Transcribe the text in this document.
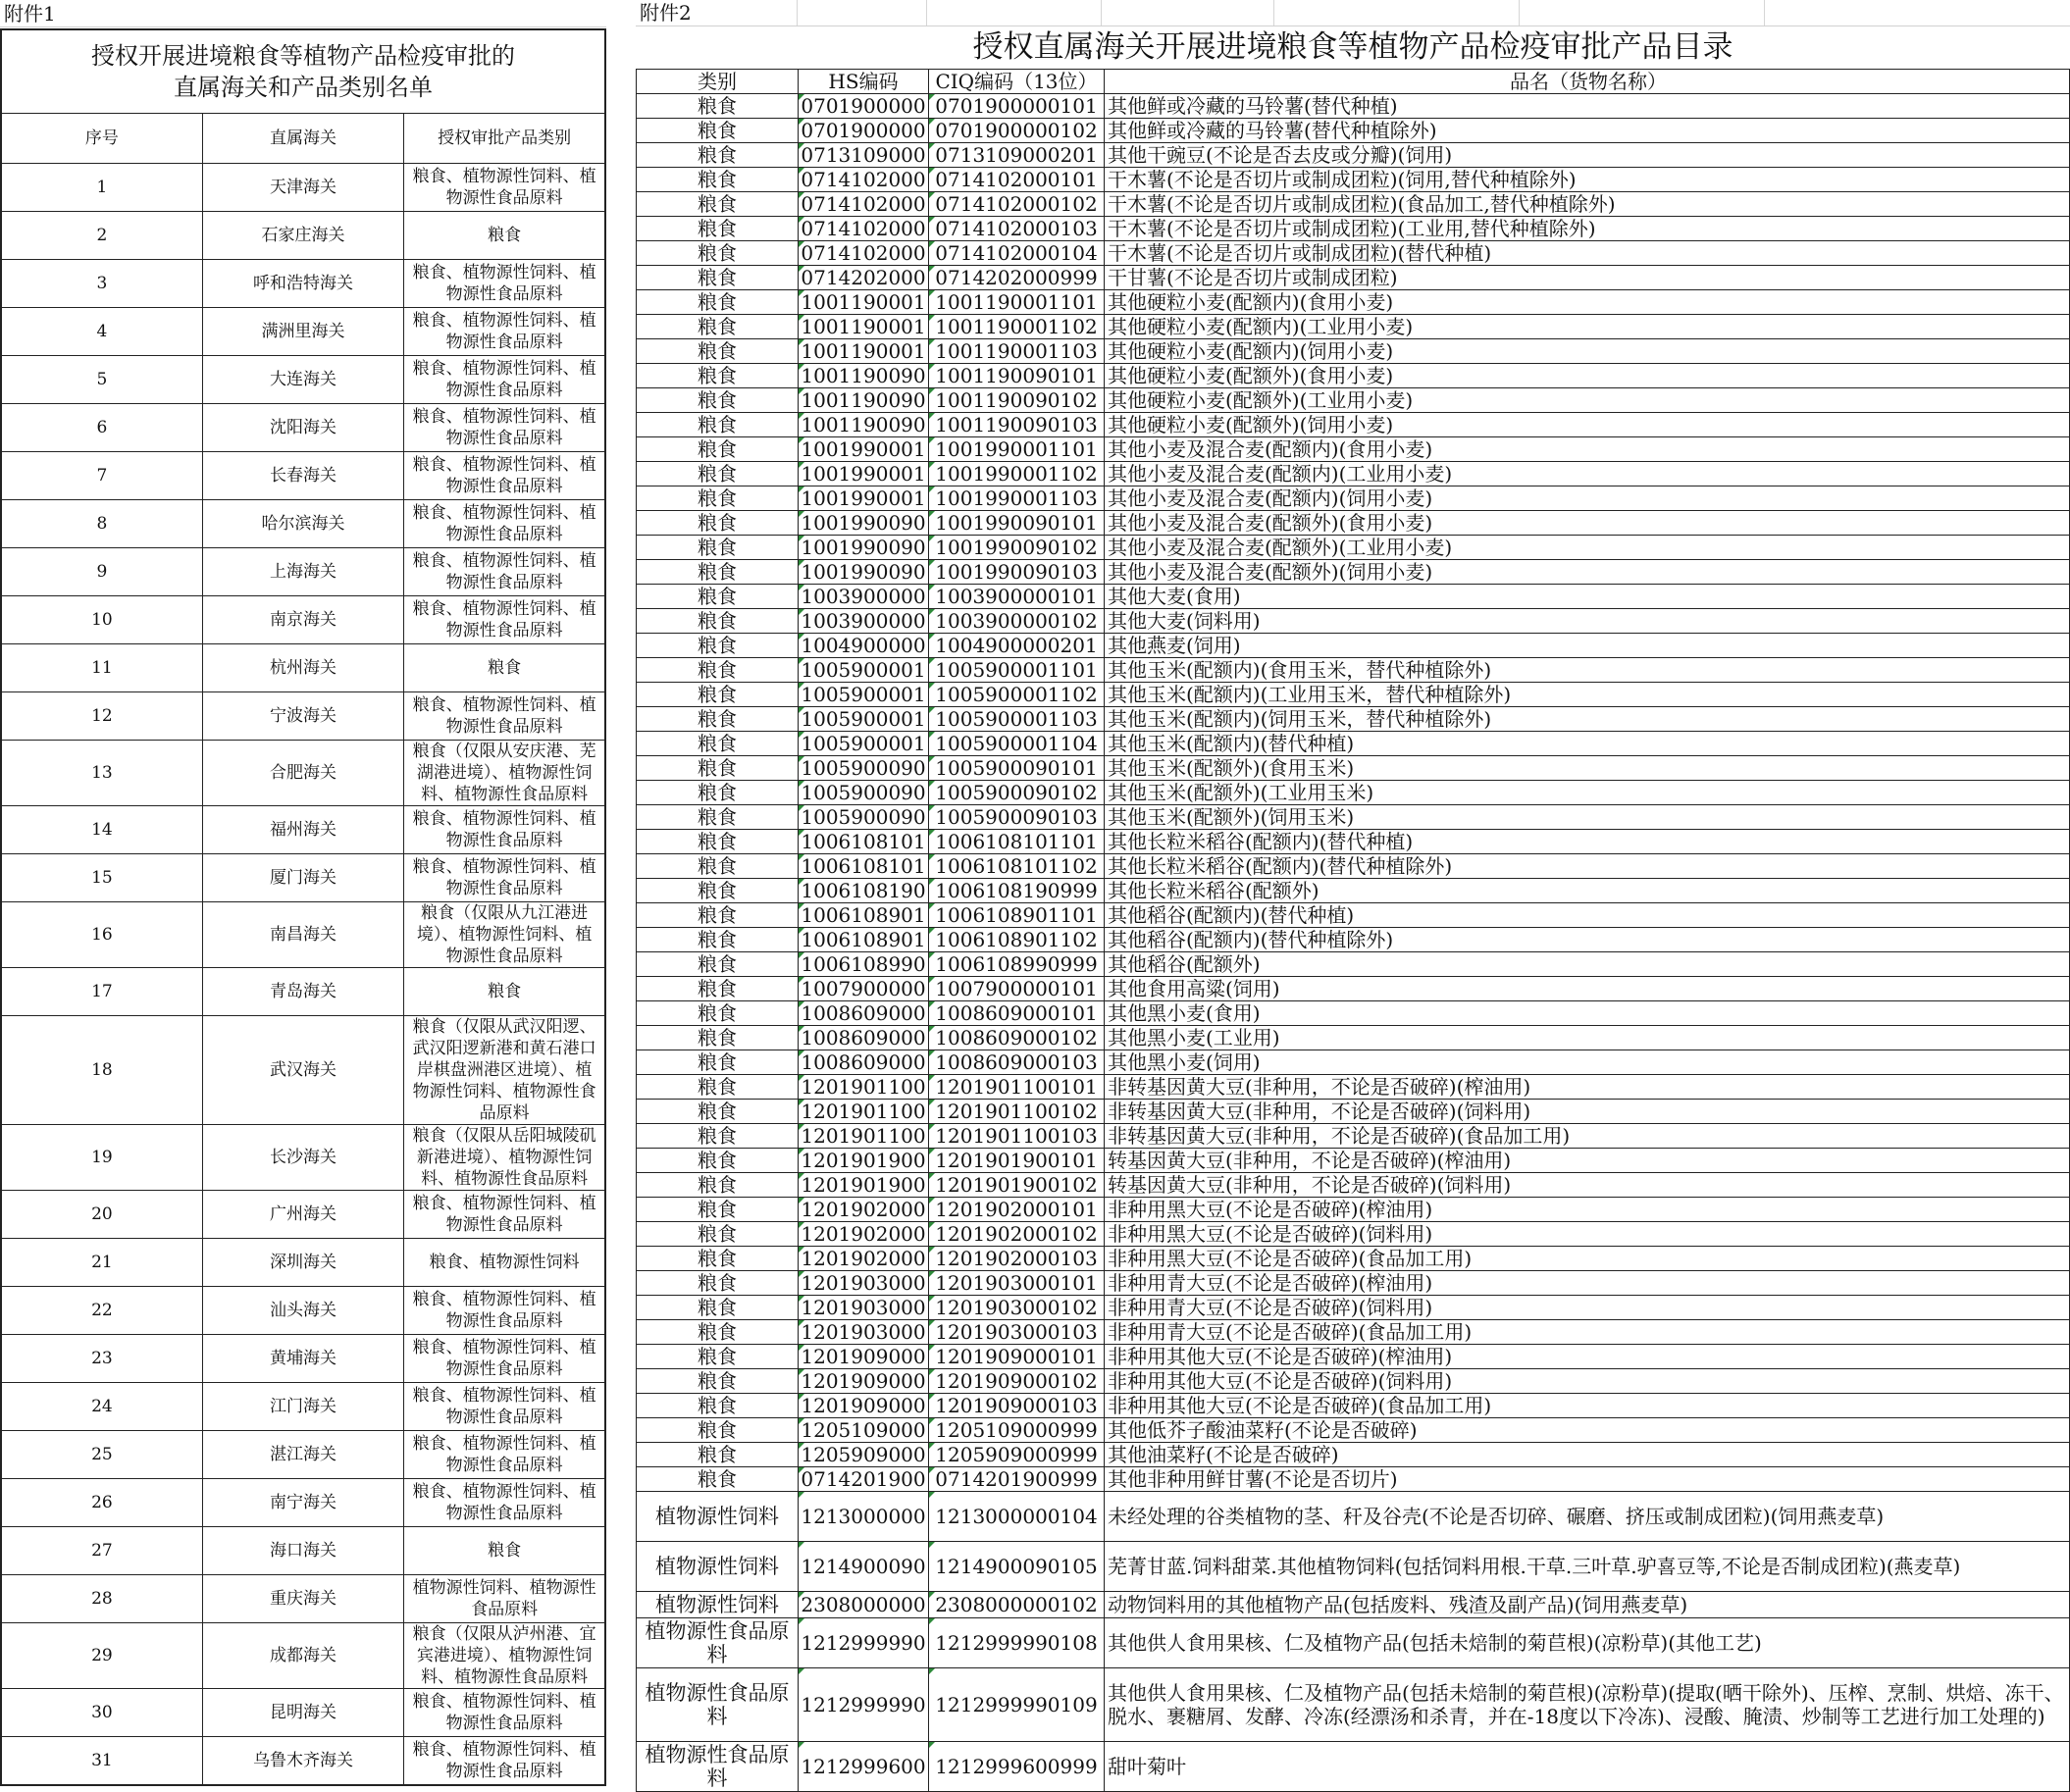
附件1
授权开展进境粮食等植物产品检疫审批的
直属海关和产品类别名单		

序号	直属海关	授权审批产品类别
1	天津海关	粮食、植物源性饲料、植物源性食品原料

2	石家庄海关	粮食

3	呼和浩特海关	粮食、植物源性饲料、植物源性食品原料

4	满洲里海关	粮食、植物源性饲料、植物源性食品原料

5	大连海关	粮食、植物源性饲料、植物源性食品原料

6	沈阳海关	粮食、植物源性饲料、植物源性食品原料

7	长春海关	粮食、植物源性饲料、植物源性食品原料

8	哈尔滨海关	粮食、植物源性饲料、植物源性食品原料

9	上海海关	粮食、植物源性饲料、植物源性食品原料

10	南京海关	粮食、植物源性饲料、植物源性食品原料

11	杭州海关	粮食

12	宁波海关	粮食、植物源性饲料、植物源性食品原料

13	合肥海关	粮食（仅限从安庆港、芜湖港进境）、植物源性饲料、植物源性食品原料

14	福州海关	粮食、植物源性饲料、植物源性食品原料

15	厦门海关	粮食、植物源性饲料、植物源性食品原料

16	南昌海关	粮食（仅限从九江港进境）、植物源性饲料、植物源性食品原料

17	青岛海关	粮食

18	武汉海关	粮食（仅限从武汉阳逻、武汉阳逻新港和黄石港口岸棋盘洲港区进境）、植物源性饲料、植物源性食品原料

19	长沙海关	粮食（仅限从岳阳城陵矶新港进境）、植物源性饲料、植物源性食品原料

20	广州海关	粮食、植物源性饲料、植物源性食品原料

21	深圳海关	粮食、植物源性饲料

22	汕头海关	粮食、植物源性饲料、植物源性食品原料

23	黄埔海关	粮食、植物源性饲料、植物源性食品原料

24	江门海关	粮食、植物源性饲料、植物源性食品原料

25	湛江海关	粮食、植物源性饲料、植物源性食品原料

26	南宁海关	粮食、植物源性饲料、植物源性食品原料

27	海口海关	粮食

28	重庆海关	植物源性饲料、植物源性食品原料

29	成都海关	粮食（仅限从泸州港、宜宾港进境）、植物源性饲料、植物源性食品原料

30	昆明海关	粮食、植物源性饲料、植物源性食品原料

31	乌鲁木齐海关	粮食、植物源性饲料、植物源性食品原料
附件2
授权直属海关开展进境粮食等植物产品检疫审批产品目录
类别	HS编码	CIQ编码（13位）	品名（货物名称）
粮食	0701900000	0701900000101	其他鲜或冷藏的马铃薯(替代种植)
粮食	0701900000	0701900000102	其他鲜或冷藏的马铃薯(替代种植除外)
粮食	0713109000	0713109000201	其他干豌豆(不论是否去皮或分瓣)(饲用)
粮食	0714102000	0714102000101	干木薯(不论是否切片或制成团粒)(饲用,替代种植除外)
粮食	0714102000	0714102000102	干木薯(不论是否切片或制成团粒)(食品加工,替代种植除外)
粮食	0714102000	0714102000103	干木薯(不论是否切片或制成团粒)(工业用,替代种植除外)
粮食	0714102000	0714102000104	干木薯(不论是否切片或制成团粒)(替代种植)
粮食	0714202000	0714202000999	干甘薯(不论是否切片或制成团粒)
粮食	1001190001	1001190001101	其他硬粒小麦(配额内)(食用小麦)
粮食	1001190001	1001190001102	其他硬粒小麦(配额内)(工业用小麦)
粮食	1001190001	1001190001103	其他硬粒小麦(配额内)(饲用小麦)
粮食	1001190090	1001190090101	其他硬粒小麦(配额外)(食用小麦)
粮食	1001190090	1001190090102	其他硬粒小麦(配额外)(工业用小麦)
粮食	1001190090	1001190090103	其他硬粒小麦(配额外)(饲用小麦)
粮食	1001990001	1001990001101	其他小麦及混合麦(配额内)(食用小麦)
粮食	1001990001	1001990001102	其他小麦及混合麦(配额内)(工业用小麦)
粮食	1001990001	1001990001103	其他小麦及混合麦(配额内)(饲用小麦)
粮食	1001990090	1001990090101	其他小麦及混合麦(配额外)(食用小麦)
粮食	1001990090	1001990090102	其他小麦及混合麦(配额外)(工业用小麦)
粮食	1001990090	1001990090103	其他小麦及混合麦(配额外)(饲用小麦)
粮食	1003900000	1003900000101	其他大麦(食用)
粮食	1003900000	1003900000102	其他大麦(饲料用)
粮食	1004900000	1004900000201	其他燕麦(饲用)
粮食	1005900001	1005900001101	其他玉米(配额内)(食用玉米，替代种植除外)
粮食	1005900001	1005900001102	其他玉米(配额内)(工业用玉米，替代种植除外)
粮食	1005900001	1005900001103	其他玉米(配额内)(饲用玉米，替代种植除外)
粮食	1005900001	1005900001104	其他玉米(配额内)(替代种植)
粮食	1005900090	1005900090101	其他玉米(配额外)(食用玉米)
粮食	1005900090	1005900090102	其他玉米(配额外)(工业用玉米)
粮食	1005900090	1005900090103	其他玉米(配额外)(饲用玉米)
粮食	1006108101	1006108101101	其他长粒米稻谷(配额内)(替代种植)
粮食	1006108101	1006108101102	其他长粒米稻谷(配额内)(替代种植除外)
粮食	1006108190	1006108190999	其他长粒米稻谷(配额外)
粮食	1006108901	1006108901101	其他稻谷(配额内)(替代种植)
粮食	1006108901	1006108901102	其他稻谷(配额内)(替代种植除外)
粮食	1006108990	1006108990999	其他稻谷(配额外)
粮食	1007900000	1007900000101	其他食用高粱(饲用)
粮食	1008609000	1008609000101	其他黑小麦(食用)
粮食	1008609000	1008609000102	其他黑小麦(工业用)
粮食	1008609000	1008609000103	其他黑小麦(饲用)
粮食	1201901100	1201901100101	非转基因黄大豆(非种用，不论是否破碎)(榨油用)
粮食	1201901100	1201901100102	非转基因黄大豆(非种用，不论是否破碎)(饲料用)
粮食	1201901100	1201901100103	非转基因黄大豆(非种用，不论是否破碎)(食品加工用)
粮食	1201901900	1201901900101	转基因黄大豆(非种用，不论是否破碎)(榨油用)
粮食	1201901900	1201901900102	转基因黄大豆(非种用，不论是否破碎)(饲料用)
粮食	1201902000	1201902000101	非种用黑大豆(不论是否破碎)(榨油用)
粮食	1201902000	1201902000102	非种用黑大豆(不论是否破碎)(饲料用)
粮食	1201902000	1201902000103	非种用黑大豆(不论是否破碎)(食品加工用)
粮食	1201903000	1201903000101	非种用青大豆(不论是否破碎)(榨油用)
粮食	1201903000	1201903000102	非种用青大豆(不论是否破碎)(饲料用)
粮食	1201903000	1201903000103	非种用青大豆(不论是否破碎)(食品加工用)
粮食	1201909000	1201909000101	非种用其他大豆(不论是否破碎)(榨油用)
粮食	1201909000	1201909000102	非种用其他大豆(不论是否破碎)(饲料用)
粮食	1201909000	1201909000103	非种用其他大豆(不论是否破碎)(食品加工用)
粮食	1205109000	1205109000999	其他低芥子酸油菜籽(不论是否破碎)
粮食	1205909000	1205909000999	其他油菜籽(不论是否破碎)
粮食	0714201900	0714201900999	其他非种用鲜甘薯(不论是否切片)
植物源性饲料	1213000000	1213000000104	未经处理的谷类植物的茎、秆及谷壳(不论是否切碎、碾磨、挤压或制成团粒)(饲用燕麦草)
植物源性饲料	1214900090	1214900090105	芜菁甘蓝.饲料甜菜.其他植物饲料(包括饲料用根.干草.三叶草.驴喜豆等,不论是否制成团粒)(燕麦草)
植物源性饲料	2308000000	2308000000102	动物饲料用的其他植物产品(包括废料、残渣及副产品)(饲用燕麦草)
植物源性食品原料	1212999990	1212999990108	其他供人食用果核、仁及植物产品(包括未焙制的菊苣根)(凉粉草)(其他工艺)
植物源性食品原料	1212999990	1212999990109	其他供人食用果核、仁及植物产品(包括未焙制的菊苣根)(凉粉草)(提取(晒干除外)、压榨、烹制、烘焙、冻干、脱水、裹糖屑、发酵、冷冻(经漂汤和杀青，并在-18度以下冷冻)、浸酸、腌渍、炒制等工艺进行加工处理的)
植物源性食品原料	1212999600	1212999600999	甜叶菊叶
